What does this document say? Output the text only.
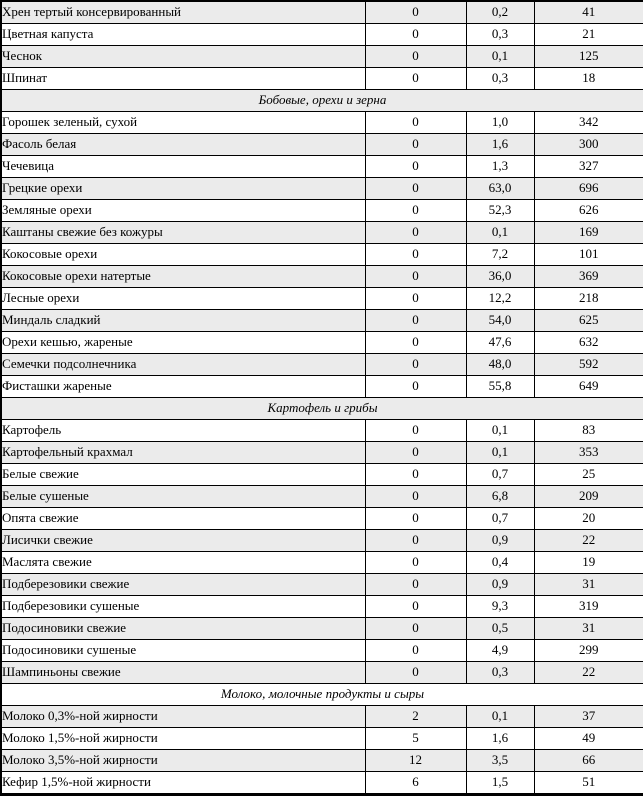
Хрен тертый консервированный	0	0,2	41
Цветная капуста	0	0,3	21
Чеснок	0	0,1	125
Шпинат	0	0,3	18
Бобовые, орехи и зерна			
Горошек зеленый, сухой	0	1,0	342
Фасоль белая	0	1,6	300
Чечевица	0	1,3	327
Грецкие орехи	0	63,0	696
Земляные орехи	0	52,3	626
Каштаны свежие без кожуры	0	0,1	169
Кокосовые орехи	0	7,2	101
Кокосовые орехи натертые	0	36,0	369
Лесные орехи	0	12,2	218
Миндаль сладкий	0	54,0	625
Орехи кешью, жареные	0	47,6	632
Семечки подсолнечника	0	48,0	592
Фисташки жареные	0	55,8	649
Картофель и грибы			
Картофель	0	0,1	83
Картофельный крахмал	0	0,1	353
Белые свежие	0	0,7	25
Белые сушеные	0	6,8	209
Опята свежие	0	0,7	20
Лисички свежие	0	0,9	22
Маслята свежие	0	0,4	19
Подберезовики свежие	0	0,9	31
Подберезовики сушеные	0	9,3	319
Подосиновики свежие	0	0,5	31
Подосиновики сушеные	0	4,9	299
Шампиньоны свежие	0	0,3	22
Молоко, молочные продукты и сыры			
Молоко 0,3%-ной жирности	2	0,1	37
Молоко 1,5%-ной жирности	5	1,6	49
Молоко 3,5%-ной жирности	12	3,5	66
Кефир 1,5%-ной жирности	6	1,5	51
